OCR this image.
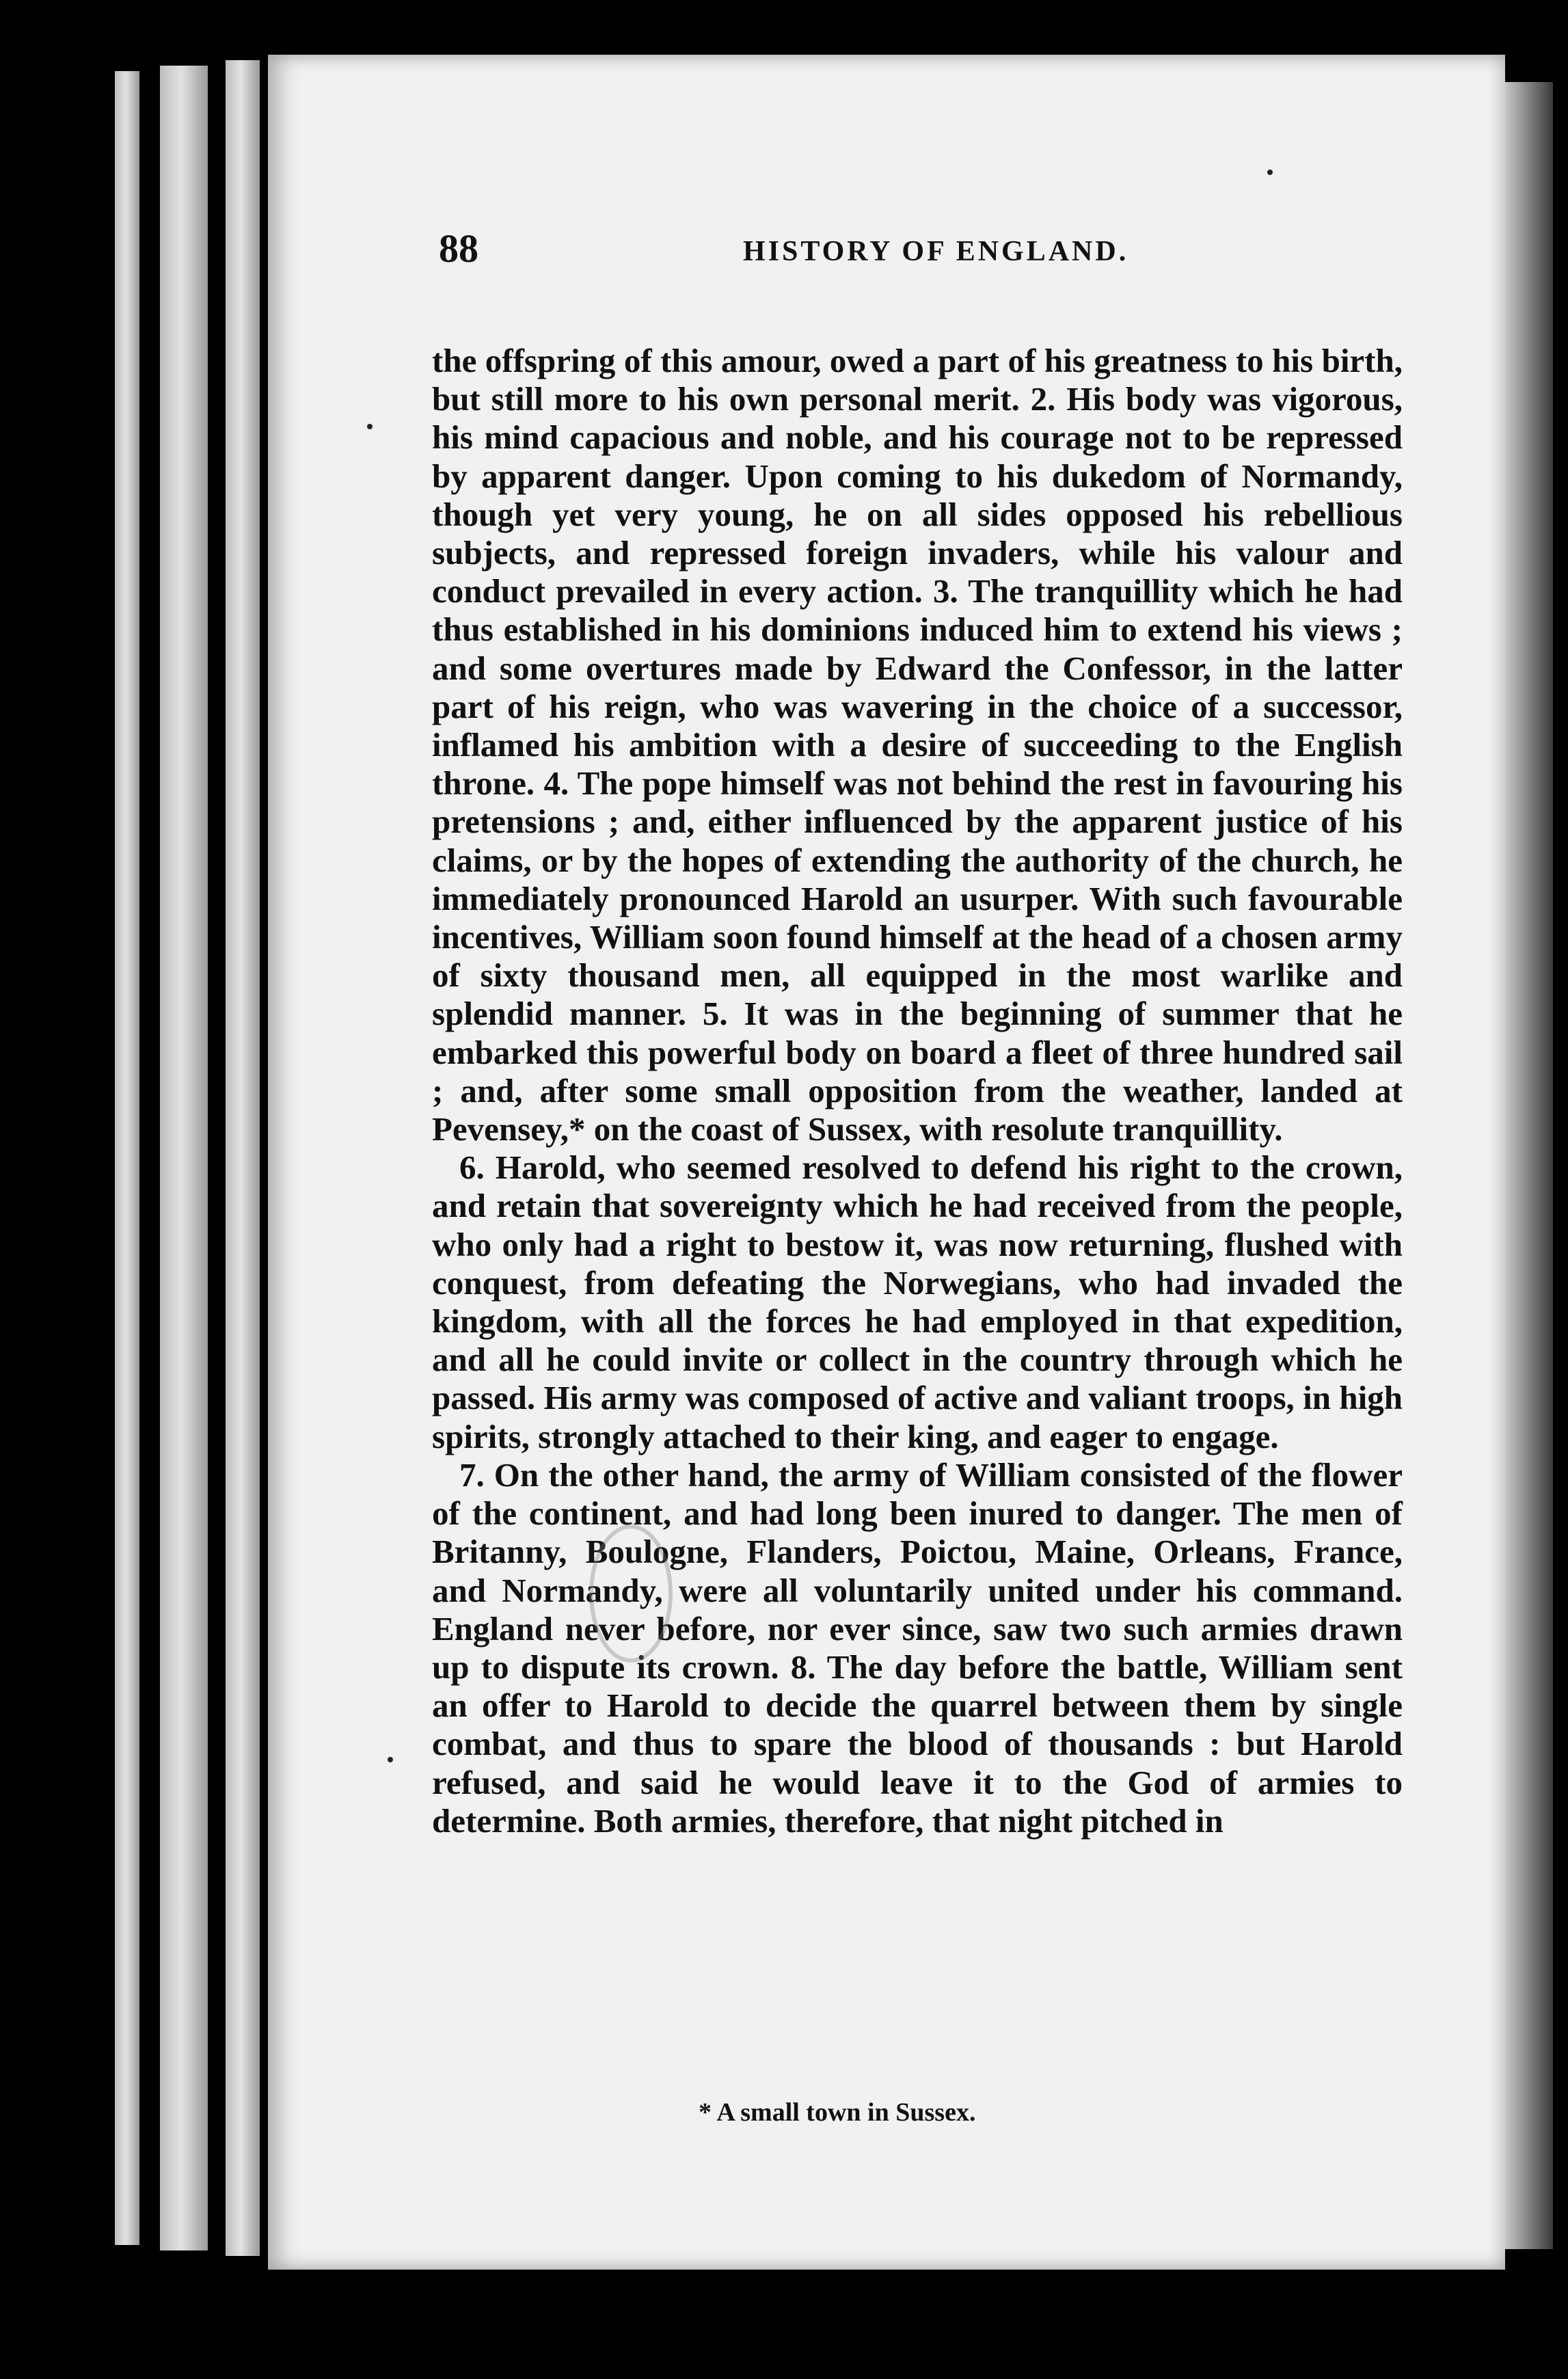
88	HISTORY OF ENGLAND.

the offspring of this amour, owed a part of his greatness to his birth, but still more to his own personal merit. 2. His body was vigorous, his mind capacious and noble, and his courage not to be repressed by apparent danger. Upon coming to his dukedom of Normandy, though yet very young, he on all sides opposed his rebellious subjects, and repressed foreign invaders, while his valour and conduct prevailed in every action. 3. The tranquillity which he had thus established in his dominions induced him to extend his views ; and some overtures made by Edward the Confessor, in the latter part of his reign, who was wavering in the choice of a successor, inflamed his ambition with a desire of succeeding to the English throne. 4. The pope himself was not behind the rest in favouring his pretensions ; and, either influenced by the apparent justice of his claims, or by the hopes of extending the authority of the church, he immediately pronounced Harold an usurper. With such favourable incentives, William soon found himself at the head of a chosen army of sixty thousand men, all equipped in the most warlike and splendid manner. 5. It was in the beginning of summer that he embarked this powerful body on board a fleet of three hundred sail ; and, after some small opposition from the weather, landed at Pevensey,* on the coast of Sussex, with resolute tranquillity.

6. Harold, who seemed resolved to defend his right to the crown, and retain that sovereignty which he had received from the people, who only had a right to bestow it, was now returning, flushed with conquest, from defeating the Norwegians, who had invaded the kingdom, with all the forces he had employed in that expedition, and all he could invite or collect in the country through which he passed. His army was composed of active and valiant troops, in high spirits, strongly attached to their king, and eager to engage.

7. On the other hand, the army of William consisted of the flower of the continent, and had long been inured to danger. The men of Britanny, Boulogne, Flanders, Poictou, Maine, Orleans, France, and Normandy, were all voluntarily united under his command. England never before, nor ever since, saw two such armies drawn up to dispute its crown. 8. The day before the battle, William sent an offer to Harold to decide the quarrel between them by single combat, and thus to spare the blood of thousands : but Harold refused, and said he would leave it to the God of armies to determine. Both armies, therefore, that night pitched in

* A small town in Sussex.
